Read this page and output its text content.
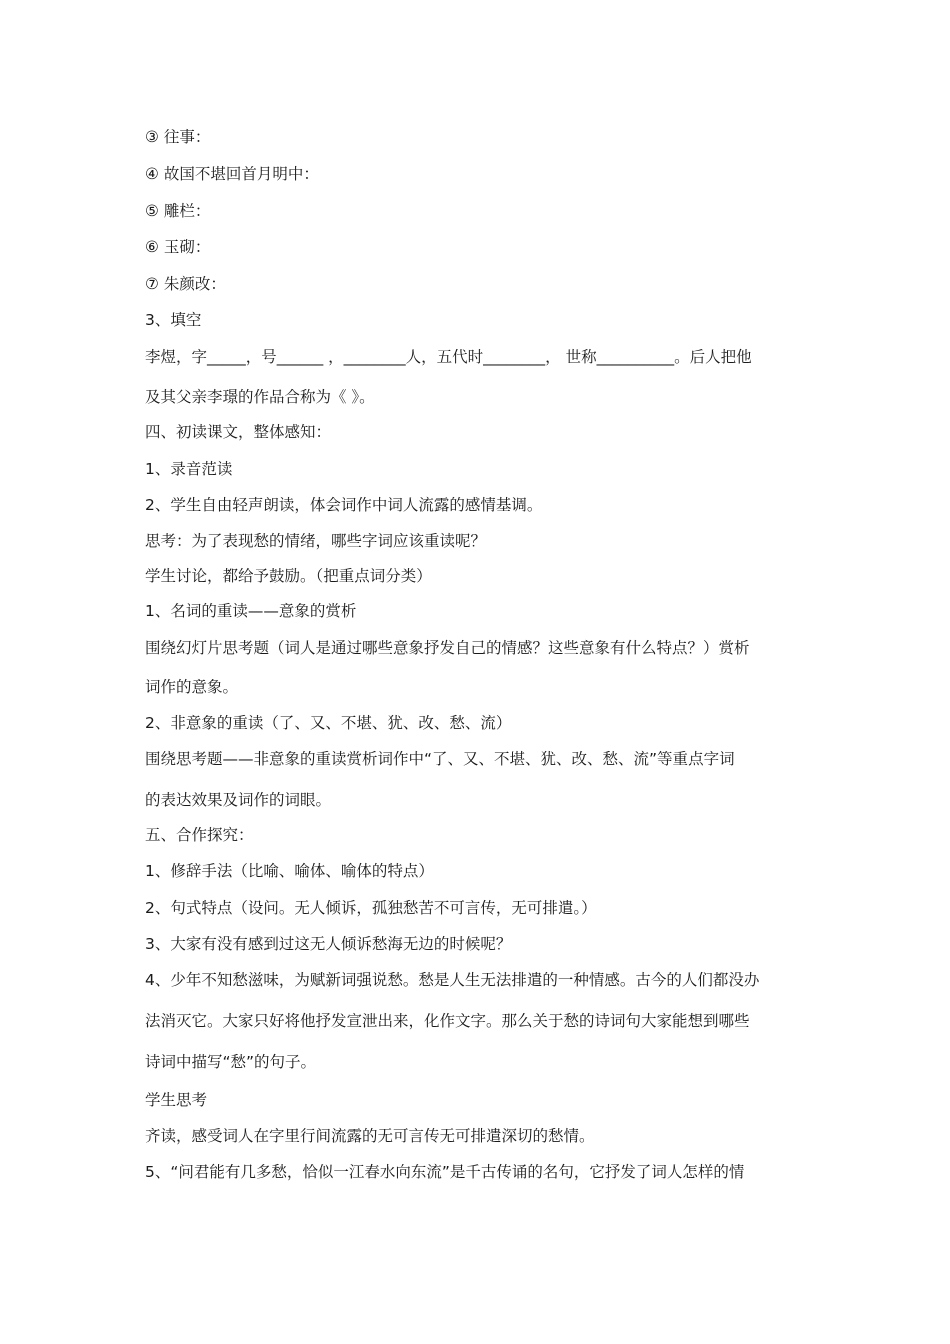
③ 往事：
④ 故国不堪回首月明中：
⑤ 雕栏：
⑥ 玉砌：
⑦ 朱颜改：
3、填空
李煜，字_____，号______ ，________人，五代时________， 世称__________。后人把他
及其父亲李璟的作品合称为《 》。
四、初读课文，整体感知：
1、录音范读
2、学生自由轻声朗读，体会词作中词人流露的感情基调。
思考：为了表现愁的情绪，哪些字词应该重读呢？
学生讨论，都给予鼓励。（把重点词分类）
1、名词的重读——意象的赏析
围绕幻灯片思考题（词人是通过哪些意象抒发自己的情感？这些意象有什么特点？）赏析
词作的意象。
2、非意象的重读（了、又、不堪、犹、改、愁、流）
围绕思考题——非意象的重读赏析词作中“了、又、不堪、犹、改、愁、流”等重点字词
的表达效果及词作的词眼。
五、合作探究：
1、修辞手法（比喻、喻体、喻体的特点）
2、句式特点（设问。无人倾诉，孤独愁苦不可言传，无可排遣。）
3、大家有没有感到过这无人倾诉愁海无边的时候呢？
4、少年不知愁滋味，为赋新词强说愁。愁是人生无法排遣的一种情感。古今的人们都没办
法消灭它。大家只好将他抒发宣泄出来，化作文字。那么关于愁的诗词句大家能想到哪些
诗词中描写“愁”的句子。
学生思考
齐读，感受词人在字里行间流露的无可言传无可排遣深切的愁情。
5、“问君能有几多愁，恰似一江春水向东流”是千古传诵的名句，它抒发了词人怎样的情
